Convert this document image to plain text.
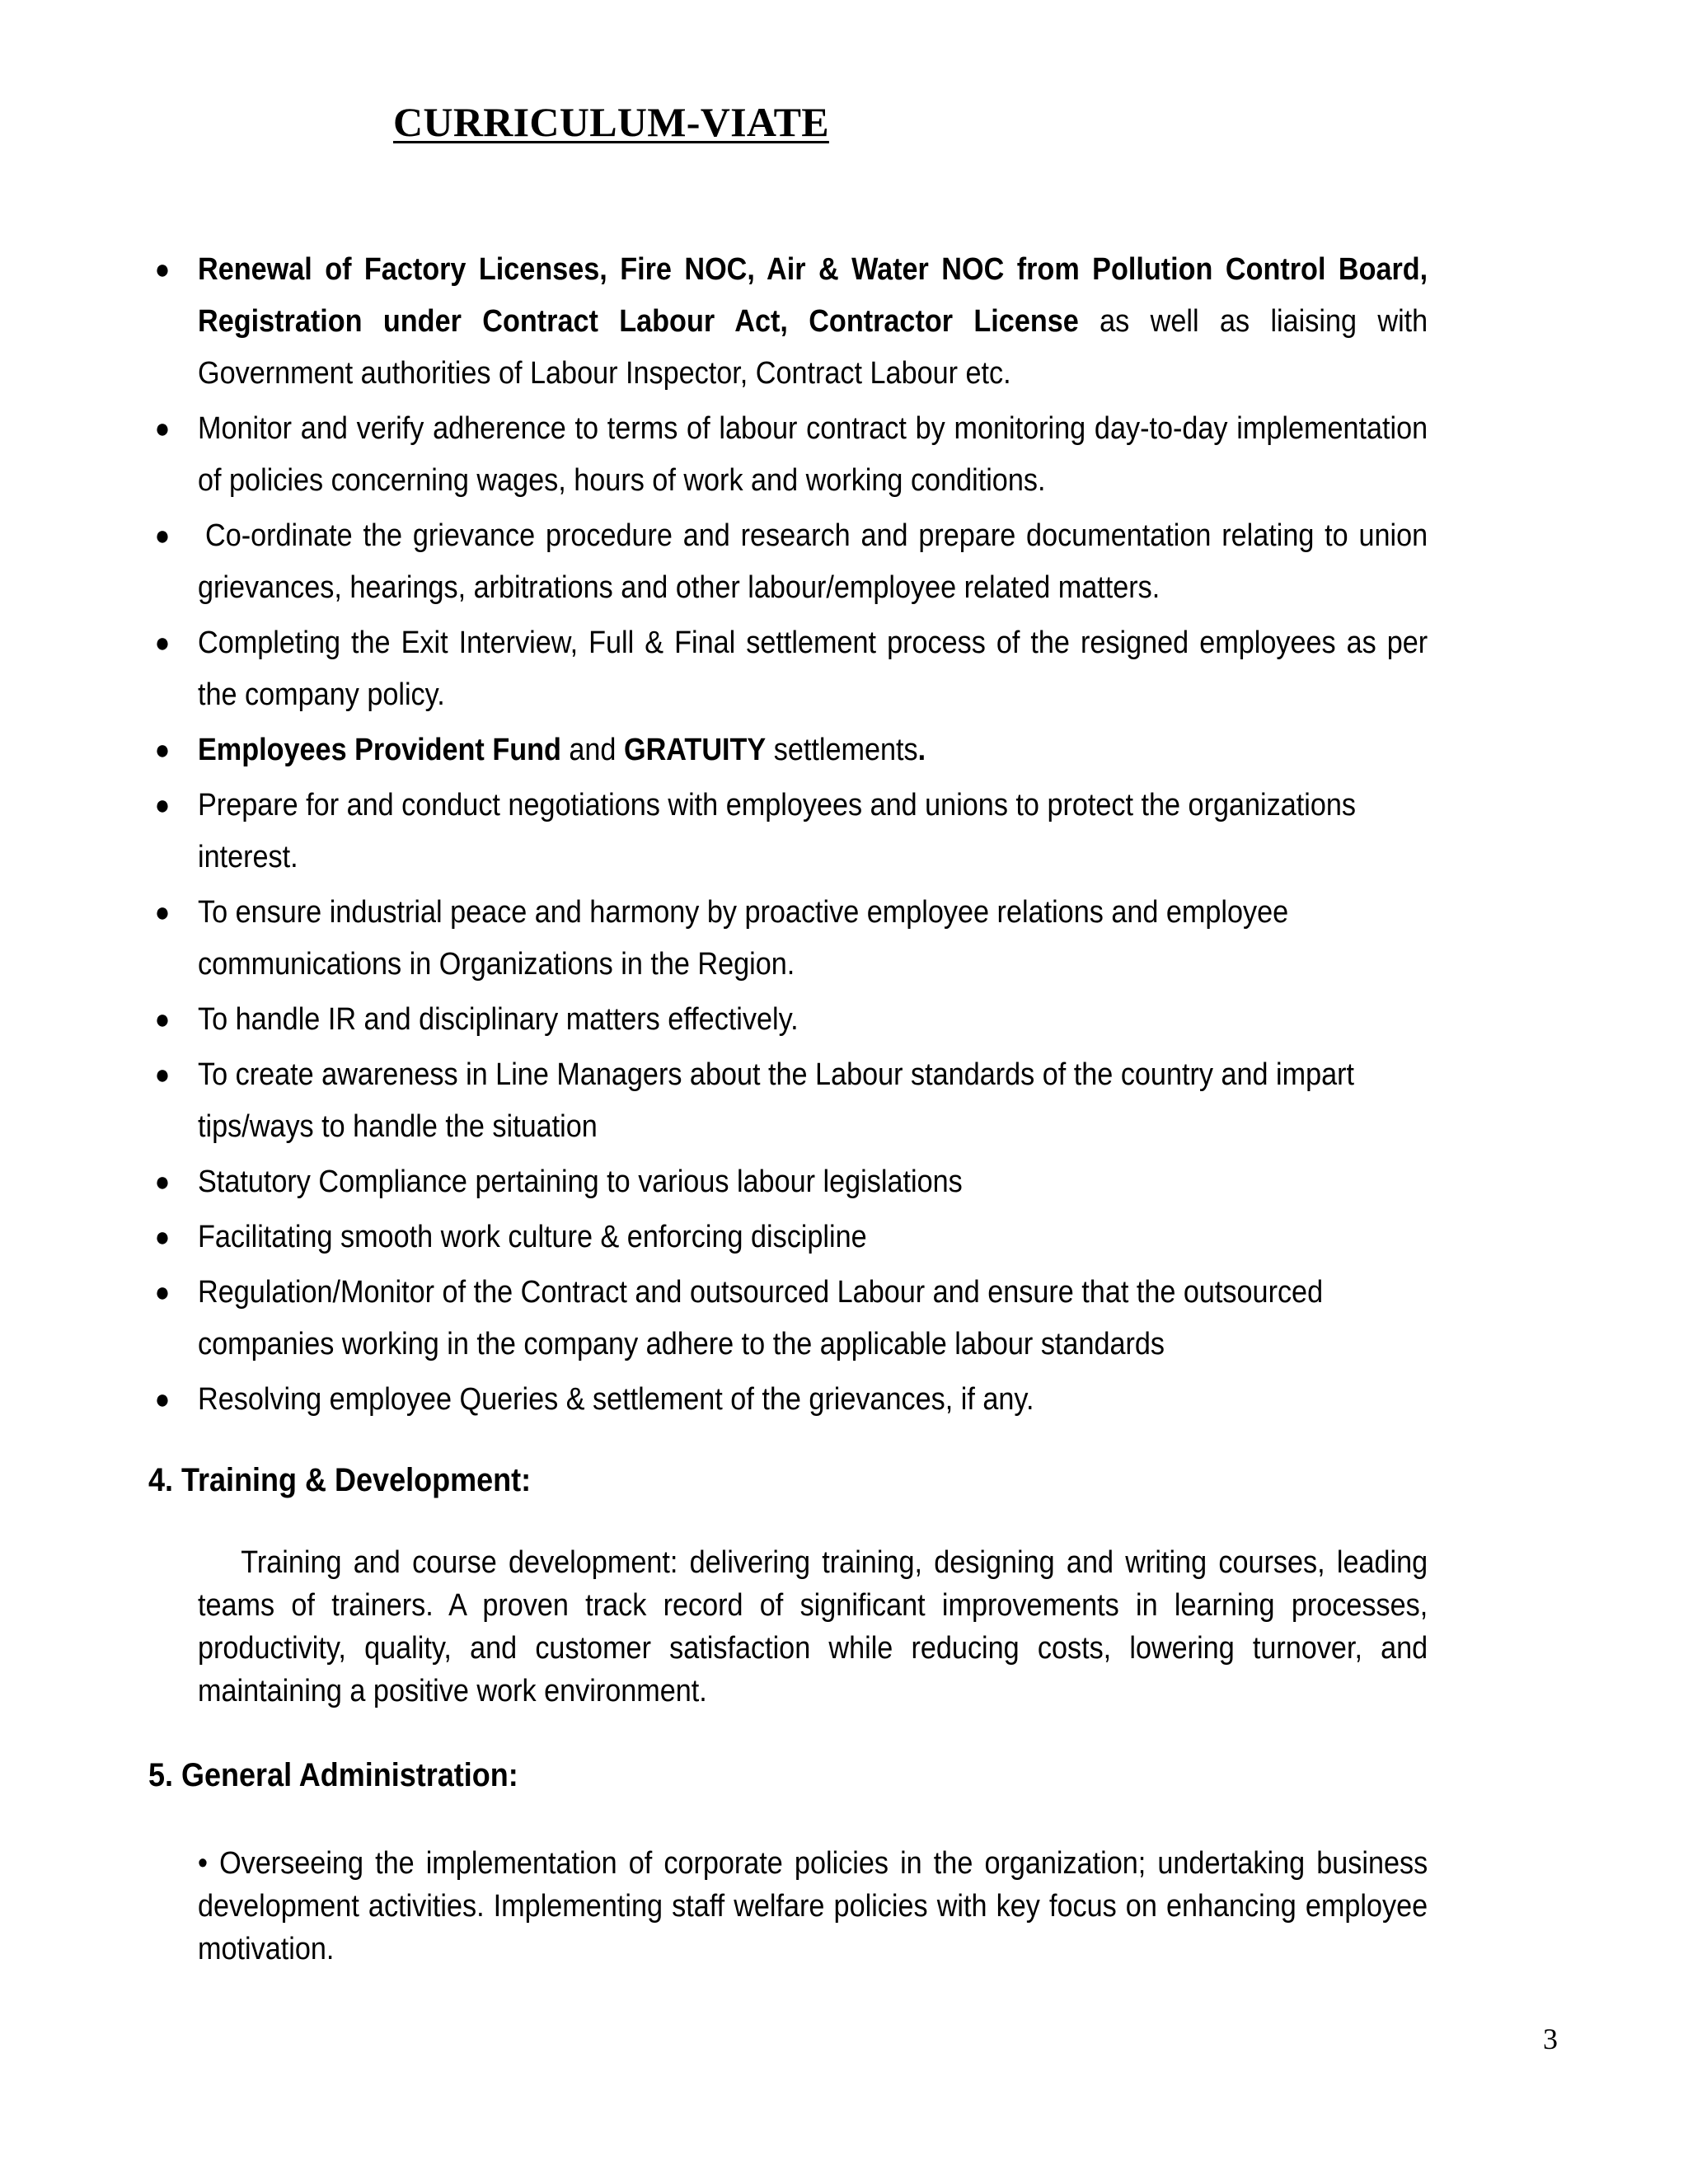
CURRICULUM-VIATE
● Renewal of Factory Licenses, Fire NOC, Air & Water NOC from Pollution Control Board, Registration under Contract Labour Act, Contractor License as well as liaising with Government authorities of Labour Inspector, Contract Labour etc.
● Monitor and verify adherence to terms of labour contract by monitoring day-to-day implementation of policies concerning wages, hours of work and working conditions.
● Co-ordinate the grievance procedure and research and prepare documentation relating to union grievances, hearings, arbitrations and other labour/employee related matters.
● Completing the Exit Interview, Full & Final settlement process of the resigned employees as per the company policy.
● Employees Provident Fund and GRATUITY settlements.
● Prepare for and conduct negotiations with employees and unions to protect the organizations interest.
● To ensure industrial peace and harmony by proactive employee relations and employee communications in Organizations in the Region.
● To handle IR and disciplinary matters effectively.
● To create awareness in Line Managers about the Labour standards of the country and impart tips/ways to handle the situation
● Statutory Compliance pertaining to various labour legislations
● Facilitating smooth work culture & enforcing discipline
● Regulation/Monitor of the Contract and outsourced Labour and ensure that the outsourced companies working in the company adhere to the applicable labour standards
● Resolving employee Queries & settlement of the grievances, if any.
4. Training & Development:

Training and course development: delivering training, designing and writing courses, leading teams of trainers. A proven track record of significant improvements in learning processes, productivity, quality, and customer satisfaction while reducing costs, lowering turnover, and maintaining a positive work environment.

5. General Administration:

• Overseeing the implementation of corporate policies in the organization; undertaking business development activities. Implementing staff welfare policies with key focus on enhancing employee motivation.

3
